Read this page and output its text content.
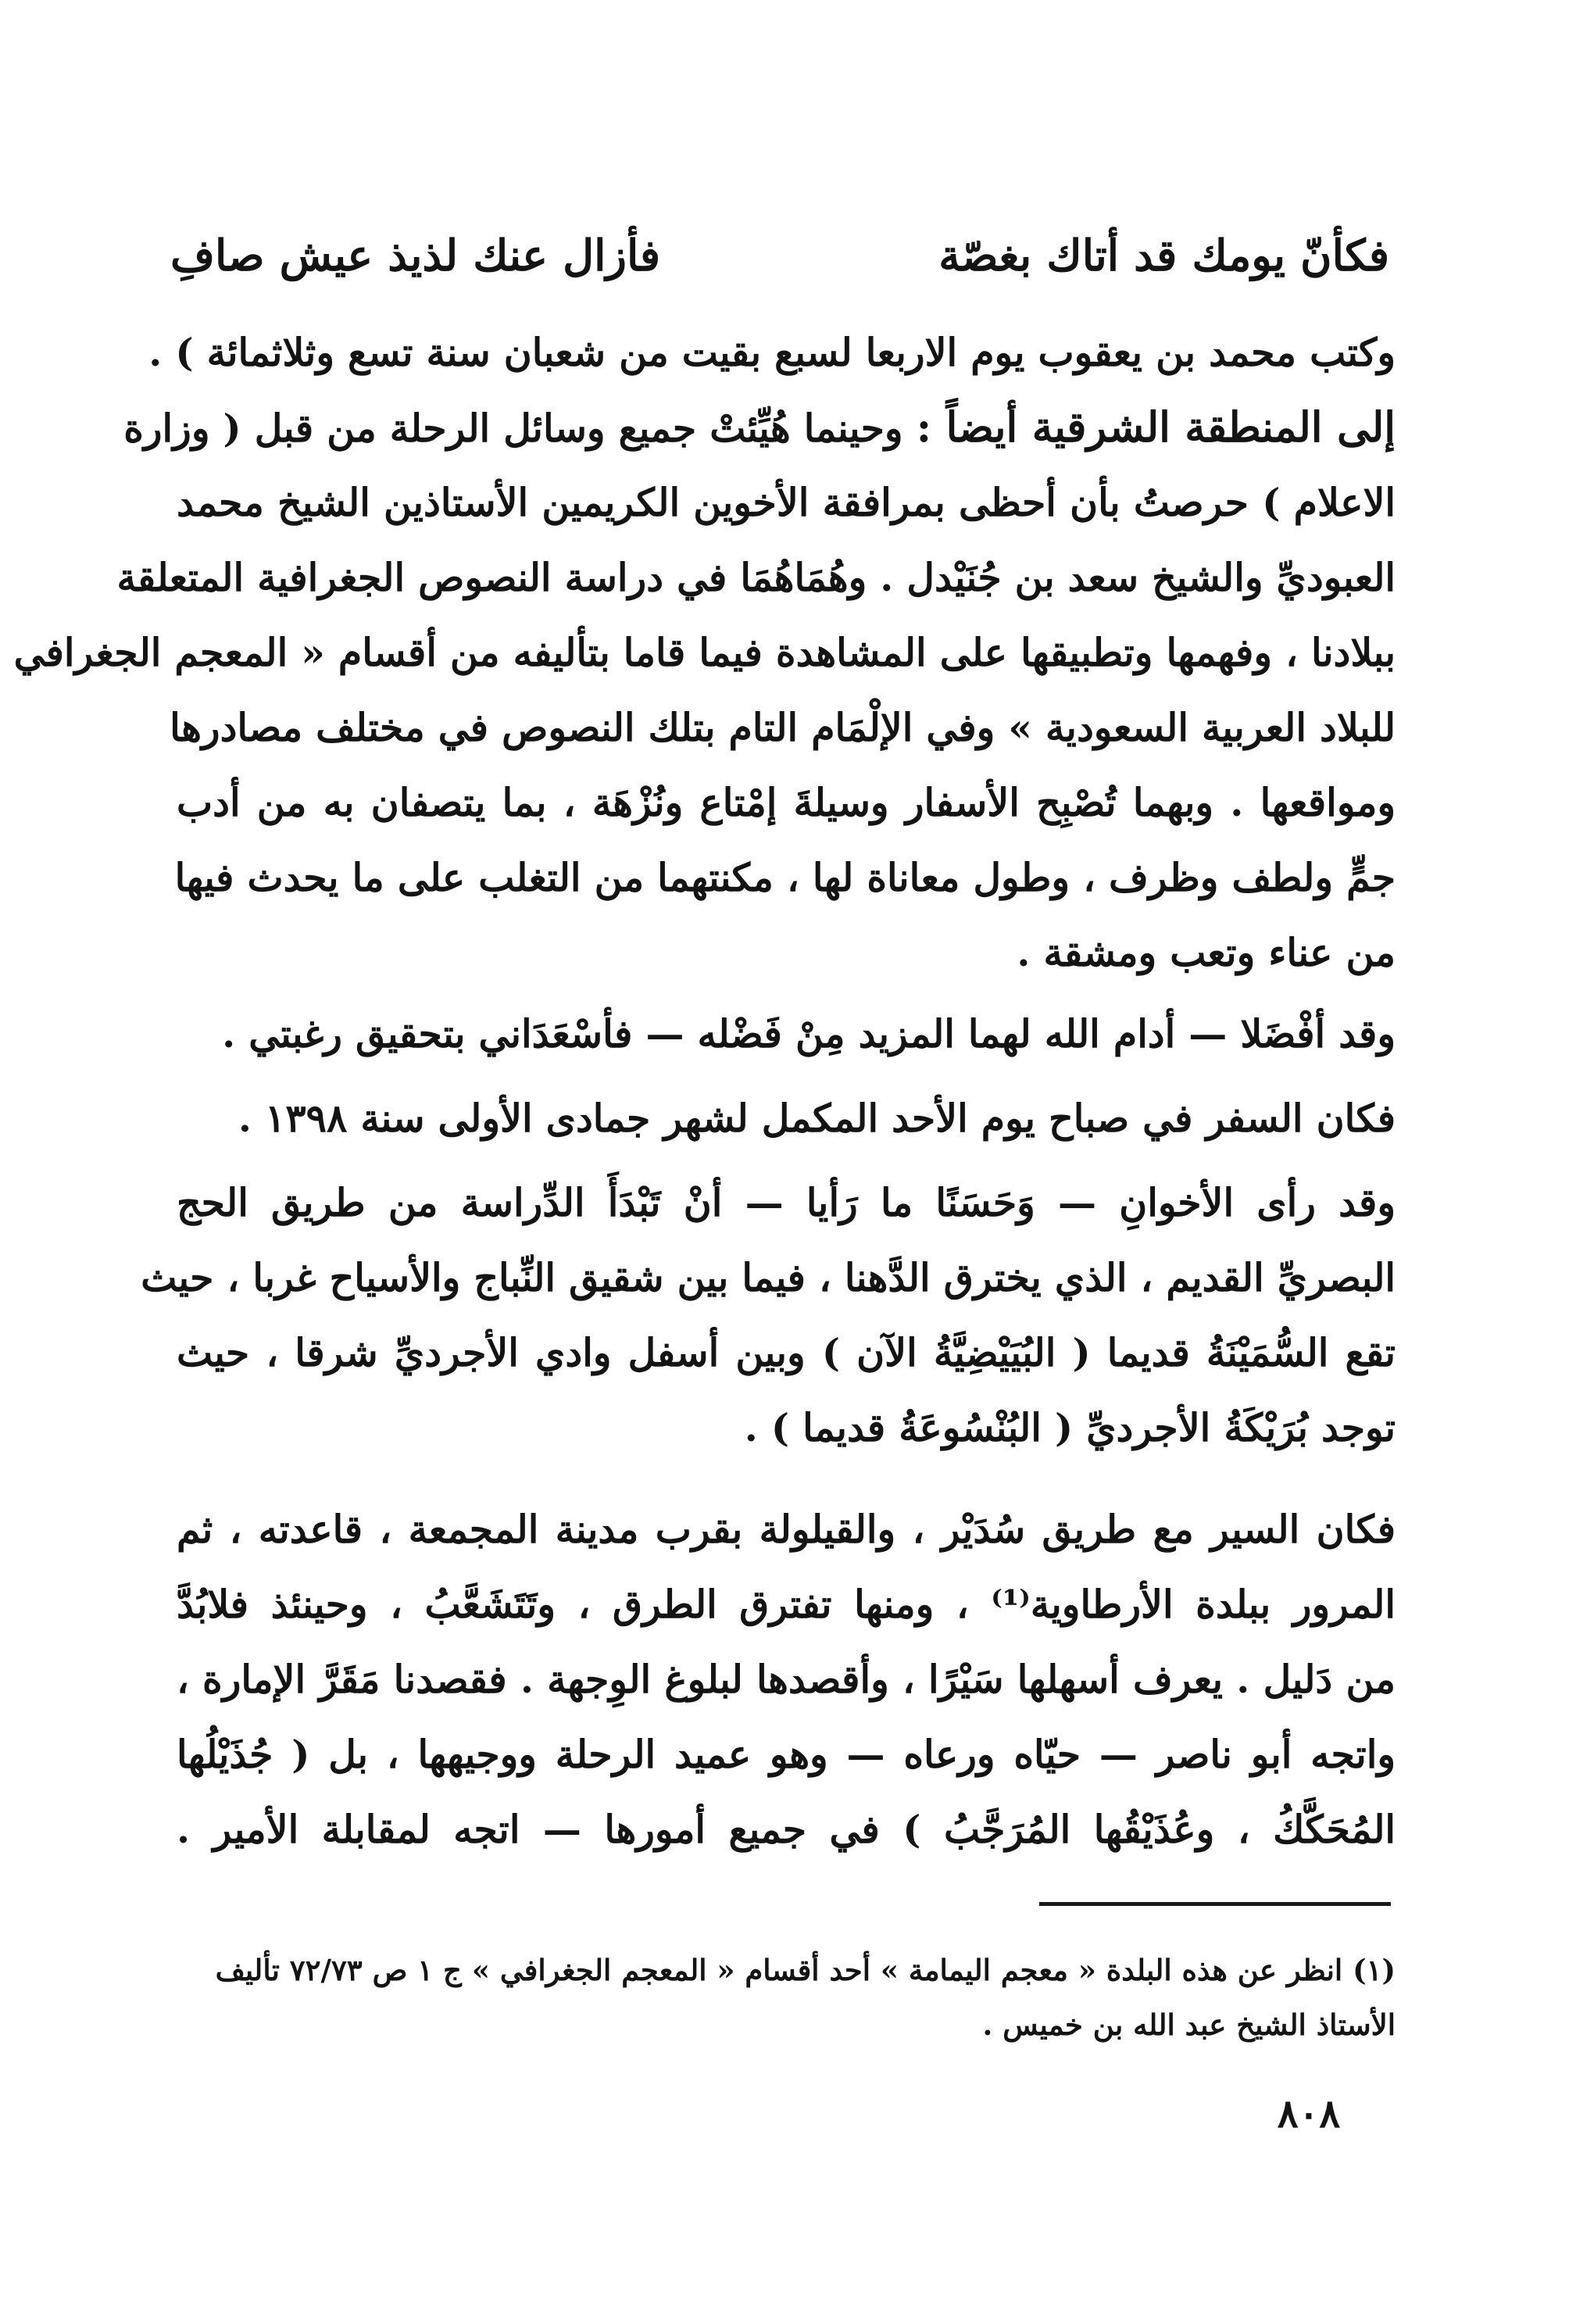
فكأنّ يومك قد أتاك بغصّة
فأزال عنك لذيذ عيش صافِ
وكتب محمد بن يعقوب يوم الاربعا لسبع بقيت من شعبان سنة تسع وثلاثمائة ) .
إلى المنطقة الشرقية أيضاً : وحينما هُيِّئتْ جميع وسائل الرحلة من قبل ( وزارة
الاعلام ) حرصتُ بأن أحظى بمرافقة الأخوين الكريمين الأستاذين الشيخ محمد
العبوديِّ والشيخ سعد بن جُنَيْدل . وهُمَاهُمَا في دراسة النصوص الجغرافية المتعلقة
ببلادنا ، وفهمها وتطبيقها على المشاهدة فيما قاما بتأليفه من أقسام « المعجم الجغرافي
للبلاد العربية السعودية » وفي الإلْمَام التام بتلك النصوص في مختلف مصادرها
ومواقعها . وبهما تُصْبِح الأسفار وسيلةَ إمْتاع ونُزْهَة ، بما يتصفان به من أدب
جمٍّ ولطف وظرف ، وطول معاناة لها ، مكنتهما من التغلب على ما يحدث فيها
من عناء وتعب ومشقة .
وقد أفْضَلا — أدام الله لهما المزيد مِنْ فَضْله — فأسْعَدَاني بتحقيق رغبتي .
فكان السفر في صباح يوم الأحد المكمل لشهر جمادى الأولى سنة ١٣٩٨ .
وقد رأى الأخوانِ — وَحَسَنًا ما رَأيا — أنْ تَبْدَأَ الدِّراسة من طريق الحج
البصريِّ القديم ، الذي يخترق الدَّهنا ، فيما بين شقيق النِّباج والأسياح غربا ، حيث
تقع السُّمَيْنَةُ قديما ( البُيَيْضِيَّةُ الآن ) وبين أسفل وادي الأجرديِّ شرقا ، حيث
توجد بُرَيْكَةُ الأجرديِّ ( البُنْسُوعَةُ قديما ) .
فكان السير مع طريق سُدَيْر ، والقيلولة بقرب مدينة المجمعة ، قاعدته ، ثم
المرور ببلدة الأرطاوية⁽¹⁾ ، ومنها تفترق الطرق ، وتَتَشَعَّبُ ، وحينئذ فلابُدَّ
من دَليل . يعرف أسهلها سَيْرًا ، وأقصدها لبلوغ الوِجهة . فقصدنا مَقَرَّ الإمارة ،
واتجه أبو ناصر — حيّاه ورعاه — وهو عميد الرحلة ووجيهها ، بل ( جُذَيْلُها
المُحَكَّكُ ، وعُذَيْقُها المُرَجَّبُ ) في جميع أمورها — اتجه لمقابلة الأمير .
(١) انظر عن هذه البلدة « معجم اليمامة » أحد أقسام « المعجم الجغرافي » ج ١ ص ٧٢/٧٣ تأليف
الأستاذ الشيخ عبد الله بن خميس .
٨٠٨
